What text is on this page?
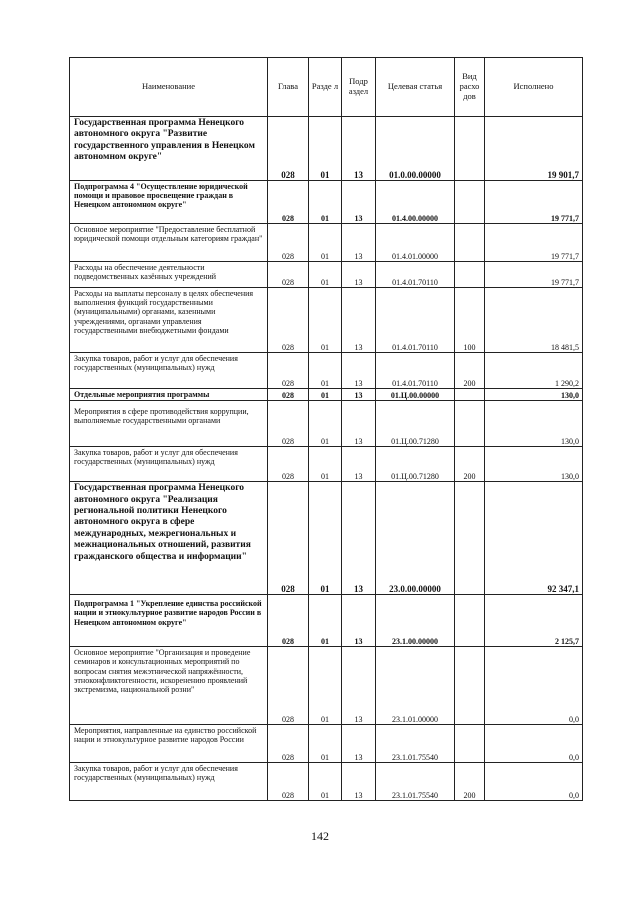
Наименование	Глава	Разде л	Подр аздел	Целевая статья	Вид расхо дов	Исполнено
Государственная программа Ненецкого автономного округа "Развитие государственного управления в Ненецком автономном округе"	028	01	13	01.0.00.00000		19 901,7
Подпрограмма 4 "Осуществление юридической помощи и правовое просвещение граждан в Ненецком автономном округе"	028	01	13	01.4.00.00000		19 771,7
Основное мероприятие "Предоставление бесплатной юридической помощи отдельным категориям граждан"	028	01	13	01.4.01.00000		19 771,7
Расходы на обеспечение деятельности подведомственных казённых учреждений	028	01	13	01.4.01.70110		19 771,7
Расходы на выплаты персоналу в целях обеспечения выполнения функций государственными (муниципальными) органами, казенными учреждениями, органами управления государственными внебюджетными фондами	028	01	13	01.4.01.70110	100	18 481,5
Закупка товаров, работ и услуг для обеспечения государственных (муниципальных) нужд	028	01	13	01.4.01.70110	200	1 290,2
Отдельные мероприятия программы	028	01	13	01.Ц.00.00000		130,0
Мероприятия в сфере противодействия коррупции, выполняемые государственными органами	028	01	13	01.Ц.00.71280		130,0
Закупка товаров, работ и услуг для обеспечения государственных (муниципальных) нужд	028	01	13	01.Ц.00.71280	200	130,0
Государственная программа Ненецкого автономного округа "Реализация региональной политики Ненецкого автономного округа в сфере международных, межрегиональных и межнациональных отношений, развития гражданского общества и информации"	028	01	13	23.0.00.00000		92 347,1
Подпрограмма 1 "Укрепление единства российской нации и этнокультурное развитие народов России в Ненецком автономном округе"	028	01	13	23.1.00.00000		2 125,7
Основное мероприятие "Организация и проведение семинаров и консультационных мероприятий по вопросам снятия межэтнической напряжённости, этноконфликтогенности, искоренению проявлений экстремизма, национальной розни"	028	01	13	23.1.01.00000		0,0
Мероприятия, направленные на единство российской нации и этнокультурное развитие народов России	028	01	13	23.1.01.75540		0,0
Закупка товаров, работ и услуг для обеспечения государственных (муниципальных) нужд	028	01	13	23.1.01.75540	200	0,0
142
